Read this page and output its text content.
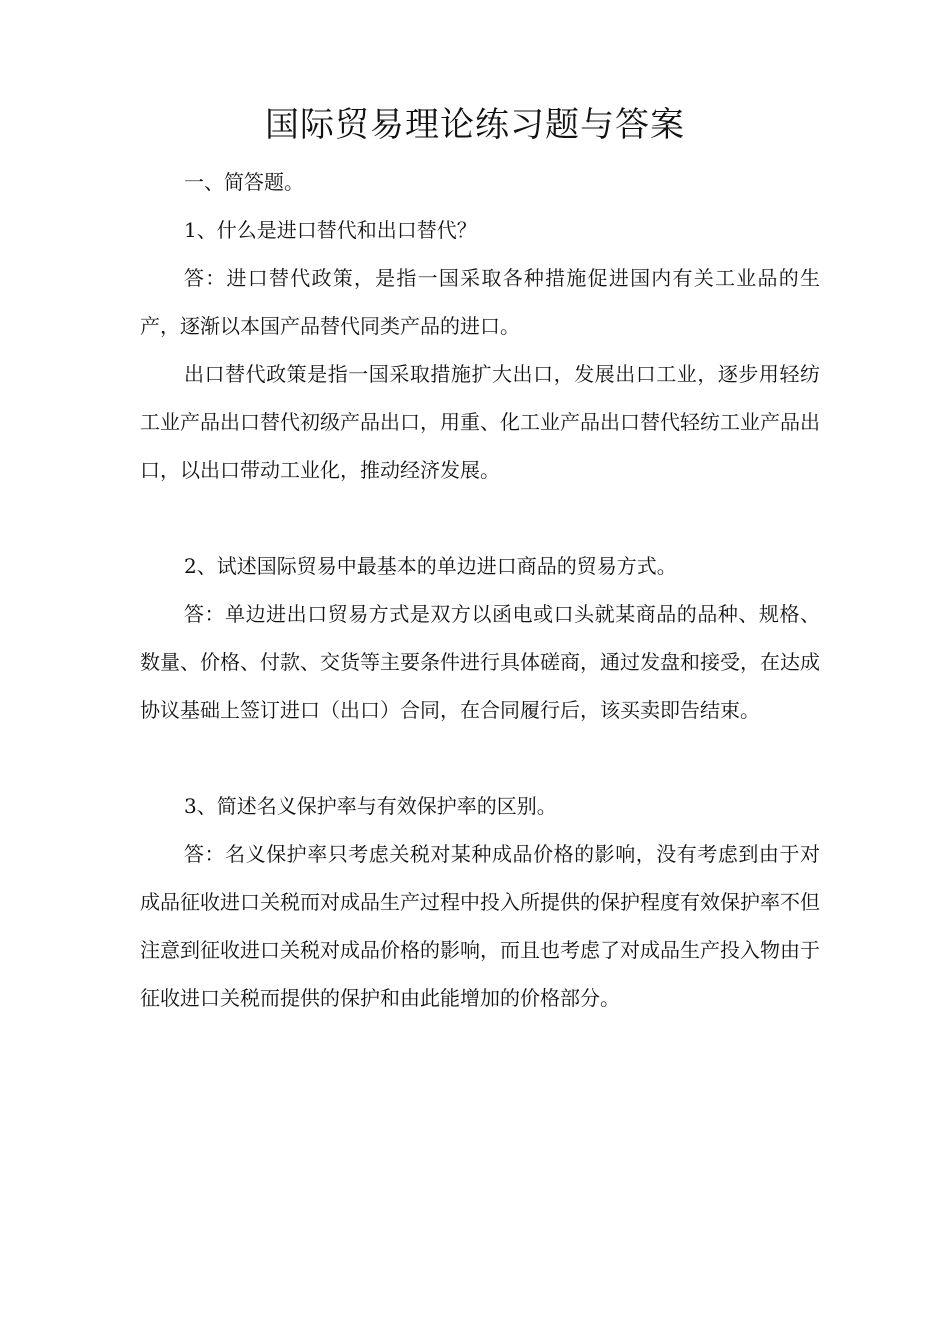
国际贸易理论练习题与答案

一、简答题。

1、什么是进口替代和出口替代？

答：进口替代政策，是指一国采取各种措施促进国内有关工业品的生产，逐渐以本国产品替代同类产品的进口。

出口替代政策是指一国采取措施扩大出口，发展出口工业，逐步用轻纺工业产品出口替代初级产品出口，用重、化工业产品出口替代轻纺工业产品出口，以出口带动工业化，推动经济发展。

2、试述国际贸易中最基本的单边进口商品的贸易方式。

答：单边进出口贸易方式是双方以函电或口头就某商品的品种、规格、数量、价格、付款、交货等主要条件进行具体磋商，通过发盘和接受，在达成协议基础上签订进口（出口）合同，在合同履行后，该买卖即告结束。

3、简述名义保护率与有效保护率的区别。

答：名义保护率只考虑关税对某种成品价格的影响，没有考虑到由于对成品征收进口关税而对成品生产过程中投入所提供的保护程度有效保护率不但注意到征收进口关税对成品价格的影响，而且也考虑了对成品生产投入物由于征收进口关税而提供的保护和由此能增加的价格部分。
